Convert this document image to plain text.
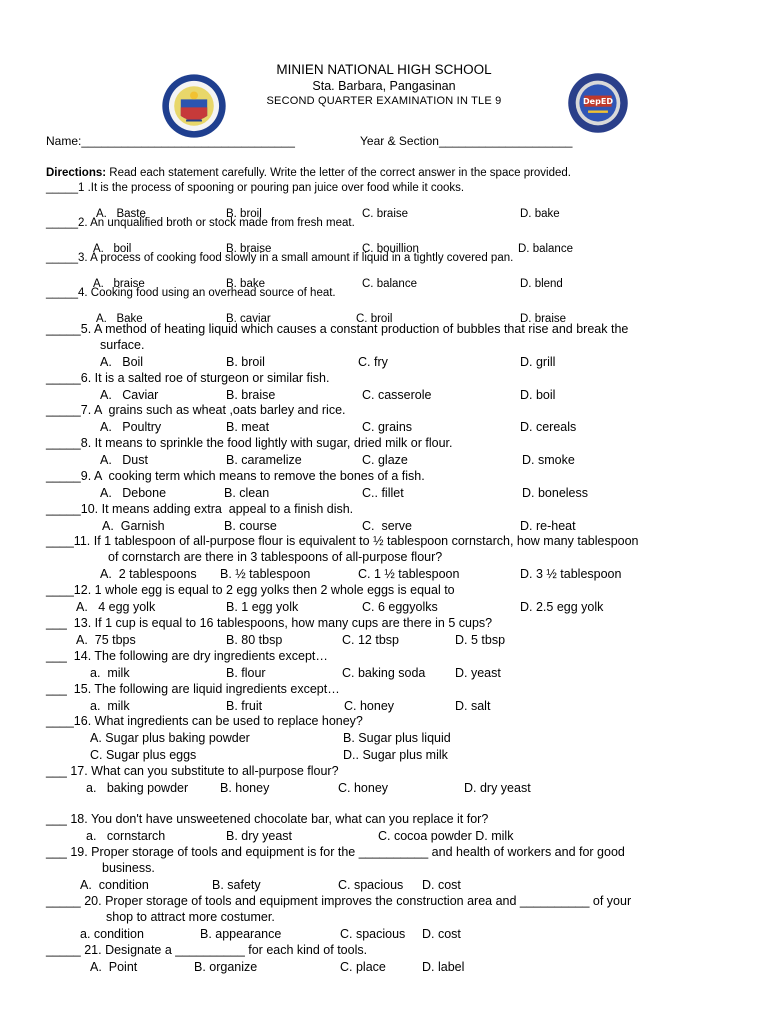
DepED
MINIEN NATIONAL HIGH SCHOOL
Sta. Barbara, Pangasinan
SECOND QUARTER EXAMINATION IN TLE 9
Name:________________________________	Year & Section____________________
Directions: Read each statement carefully. Write the letter of the correct answer in the space provided.
_____1 .It is the process of spooning or pouring pan juice over food while it cooks.
A.   Baste	B. broil	C. braise	D. bake
_____2. An unqualified broth or stock made from fresh meat.
A.   boil	B. braise	C. bouillion	D. balance
_____3. A process of cooking food slowly in a small amount if liquid in a tightly covered pan.
A.   braise	B. bake	C. balance	D. blend
_____4. Cooking food using an overhead source of heat.
A.   Bake	B. caviar	C. broil	D. braise
_____5. A method of heating liquid which causes a constant production of bubbles that rise and break the
surface.
A.   Boil	B. broil	C. fry	D. grill
_____6. It is a salted roe of sturgeon or similar fish.
A.   Caviar	B. braise	C. casserole	D. boil
_____7. A  grains such as wheat ,oats barley and rice.
A.   Poultry	B. meat	C. grains	D. cereals
_____8. It means to sprinkle the food lightly with sugar, dried milk or flour.
A.   Dust	B. caramelize	C. glaze	D. smoke
_____9. A  cooking term which means to remove the bones of a fish.
A.   Debone	B. clean	C.. fillet	D. boneless
_____10. It means adding extra  appeal to a finish dish.
A.  Garnish	B. course	C.  serve	D. re-heat
____11. If 1 tablespoon of all-purpose flour is equivalent to ½ tablespoon cornstarch, how many tablespoon
of cornstarch are there in 3 tablespoons of all-purpose flour?
A.  2 tablespoons B. ½ tablespoon	C. 1 ½ tablespoon	D. 3 ½ tablespoon
____12. 1 whole egg is equal to 2 egg yolks then 2 whole eggs is equal to
A.   4 egg yolk	B. 1 egg yolk	C. 6 eggyolks	D. 2.5 egg yolk
___  13. If 1 cup is equal to 16 tablespoons, how many cups are there in 5 cups?
A.  75 tbps	B. 80 tbsp	C. 12 tbsp	D. 5 tbsp
___  14. The following are dry ingredients except…
a.  milk	B. flour	C. baking soda D. yeast
___  15. The following are liquid ingredients except…
a.  milk	B. fruit	C. honey	D. salt
____16. What ingredients can be used to replace honey?
A. Sugar plus baking powder	B. Sugar plus liquid
C. Sugar plus eggs	D.. Sugar plus milk
___ 17. What can you substitute to all-purpose flour?
a.   baking powder	B. honey	C. honey	D. dry yeast
___ 18. You don't have unsweetened chocolate bar, what can you replace it for?
a.   cornstarch	B. dry yeast	C. cocoa powder D. milk
___ 19. Proper storage of tools and equipment is for the __________ and health of workers and for good
business.
A.  condition	B. safety	C. spacious D. cost
_____ 20. Proper storage of tools and equipment improves the construction area and __________ of your
shop to attract more costumer.
a. condition	B. appearance	C. spacious D. cost
_____ 21. Designate a __________ for each kind of tools.
A.  Point	B. organize	C. place	D. label
